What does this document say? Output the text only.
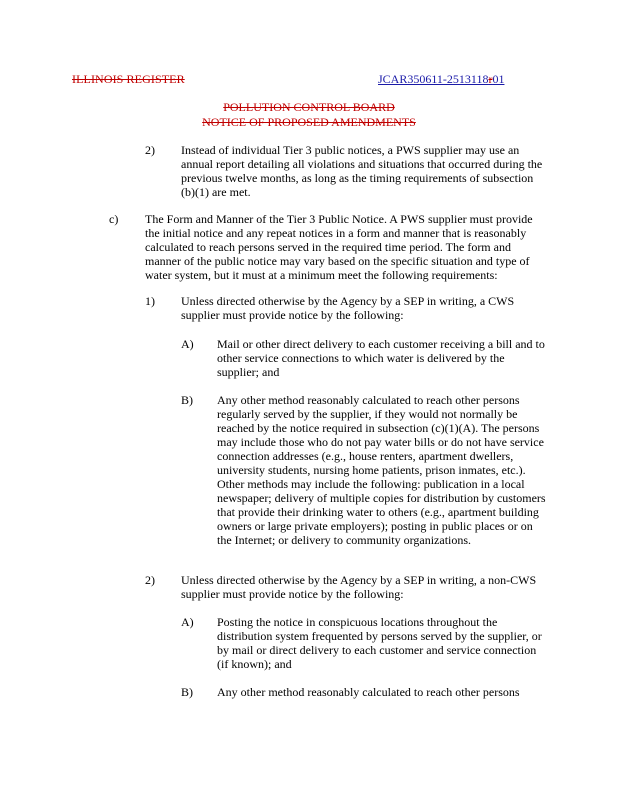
ILLINOIS REGISTER	JCAR350611-2513118r01
POLLUTION CONTROL BOARD
NOTICE OF PROPOSED AMENDMENTS
2) Instead of individual Tier 3 public notices, a PWS supplier may use an annual report detailing all violations and situations that occurred during the previous twelve months, as long as the timing requirements of subsection (b)(1) are met.
c) The Form and Manner of the Tier 3 Public Notice. A PWS supplier must provide the initial notice and any repeat notices in a form and manner that is reasonably calculated to reach persons served in the required time period. The form and manner of the public notice may vary based on the specific situation and type of water system, but it must at a minimum meet the following requirements:
1) Unless directed otherwise by the Agency by a SEP in writing, a CWS supplier must provide notice by the following:
A) Mail or other direct delivery to each customer receiving a bill and to other service connections to which water is delivered by the supplier; and
B) Any other method reasonably calculated to reach other persons regularly served by the supplier, if they would not normally be reached by the notice required in subsection (c)(1)(A). The persons may include those who do not pay water bills or do not have service connection addresses (e.g., house renters, apartment dwellers, university students, nursing home patients, prison inmates, etc.). Other methods may include the following: publication in a local newspaper; delivery of multiple copies for distribution by customers that provide their drinking water to others (e.g., apartment building owners or large private employers); posting in public places or on the Internet; or delivery to community organizations.
2) Unless directed otherwise by the Agency by a SEP in writing, a non-CWS supplier must provide notice by the following:
A) Posting the notice in conspicuous locations throughout the distribution system frequented by persons served by the supplier, or by mail or direct delivery to each customer and service connection (if known); and
B) Any other method reasonably calculated to reach other persons
